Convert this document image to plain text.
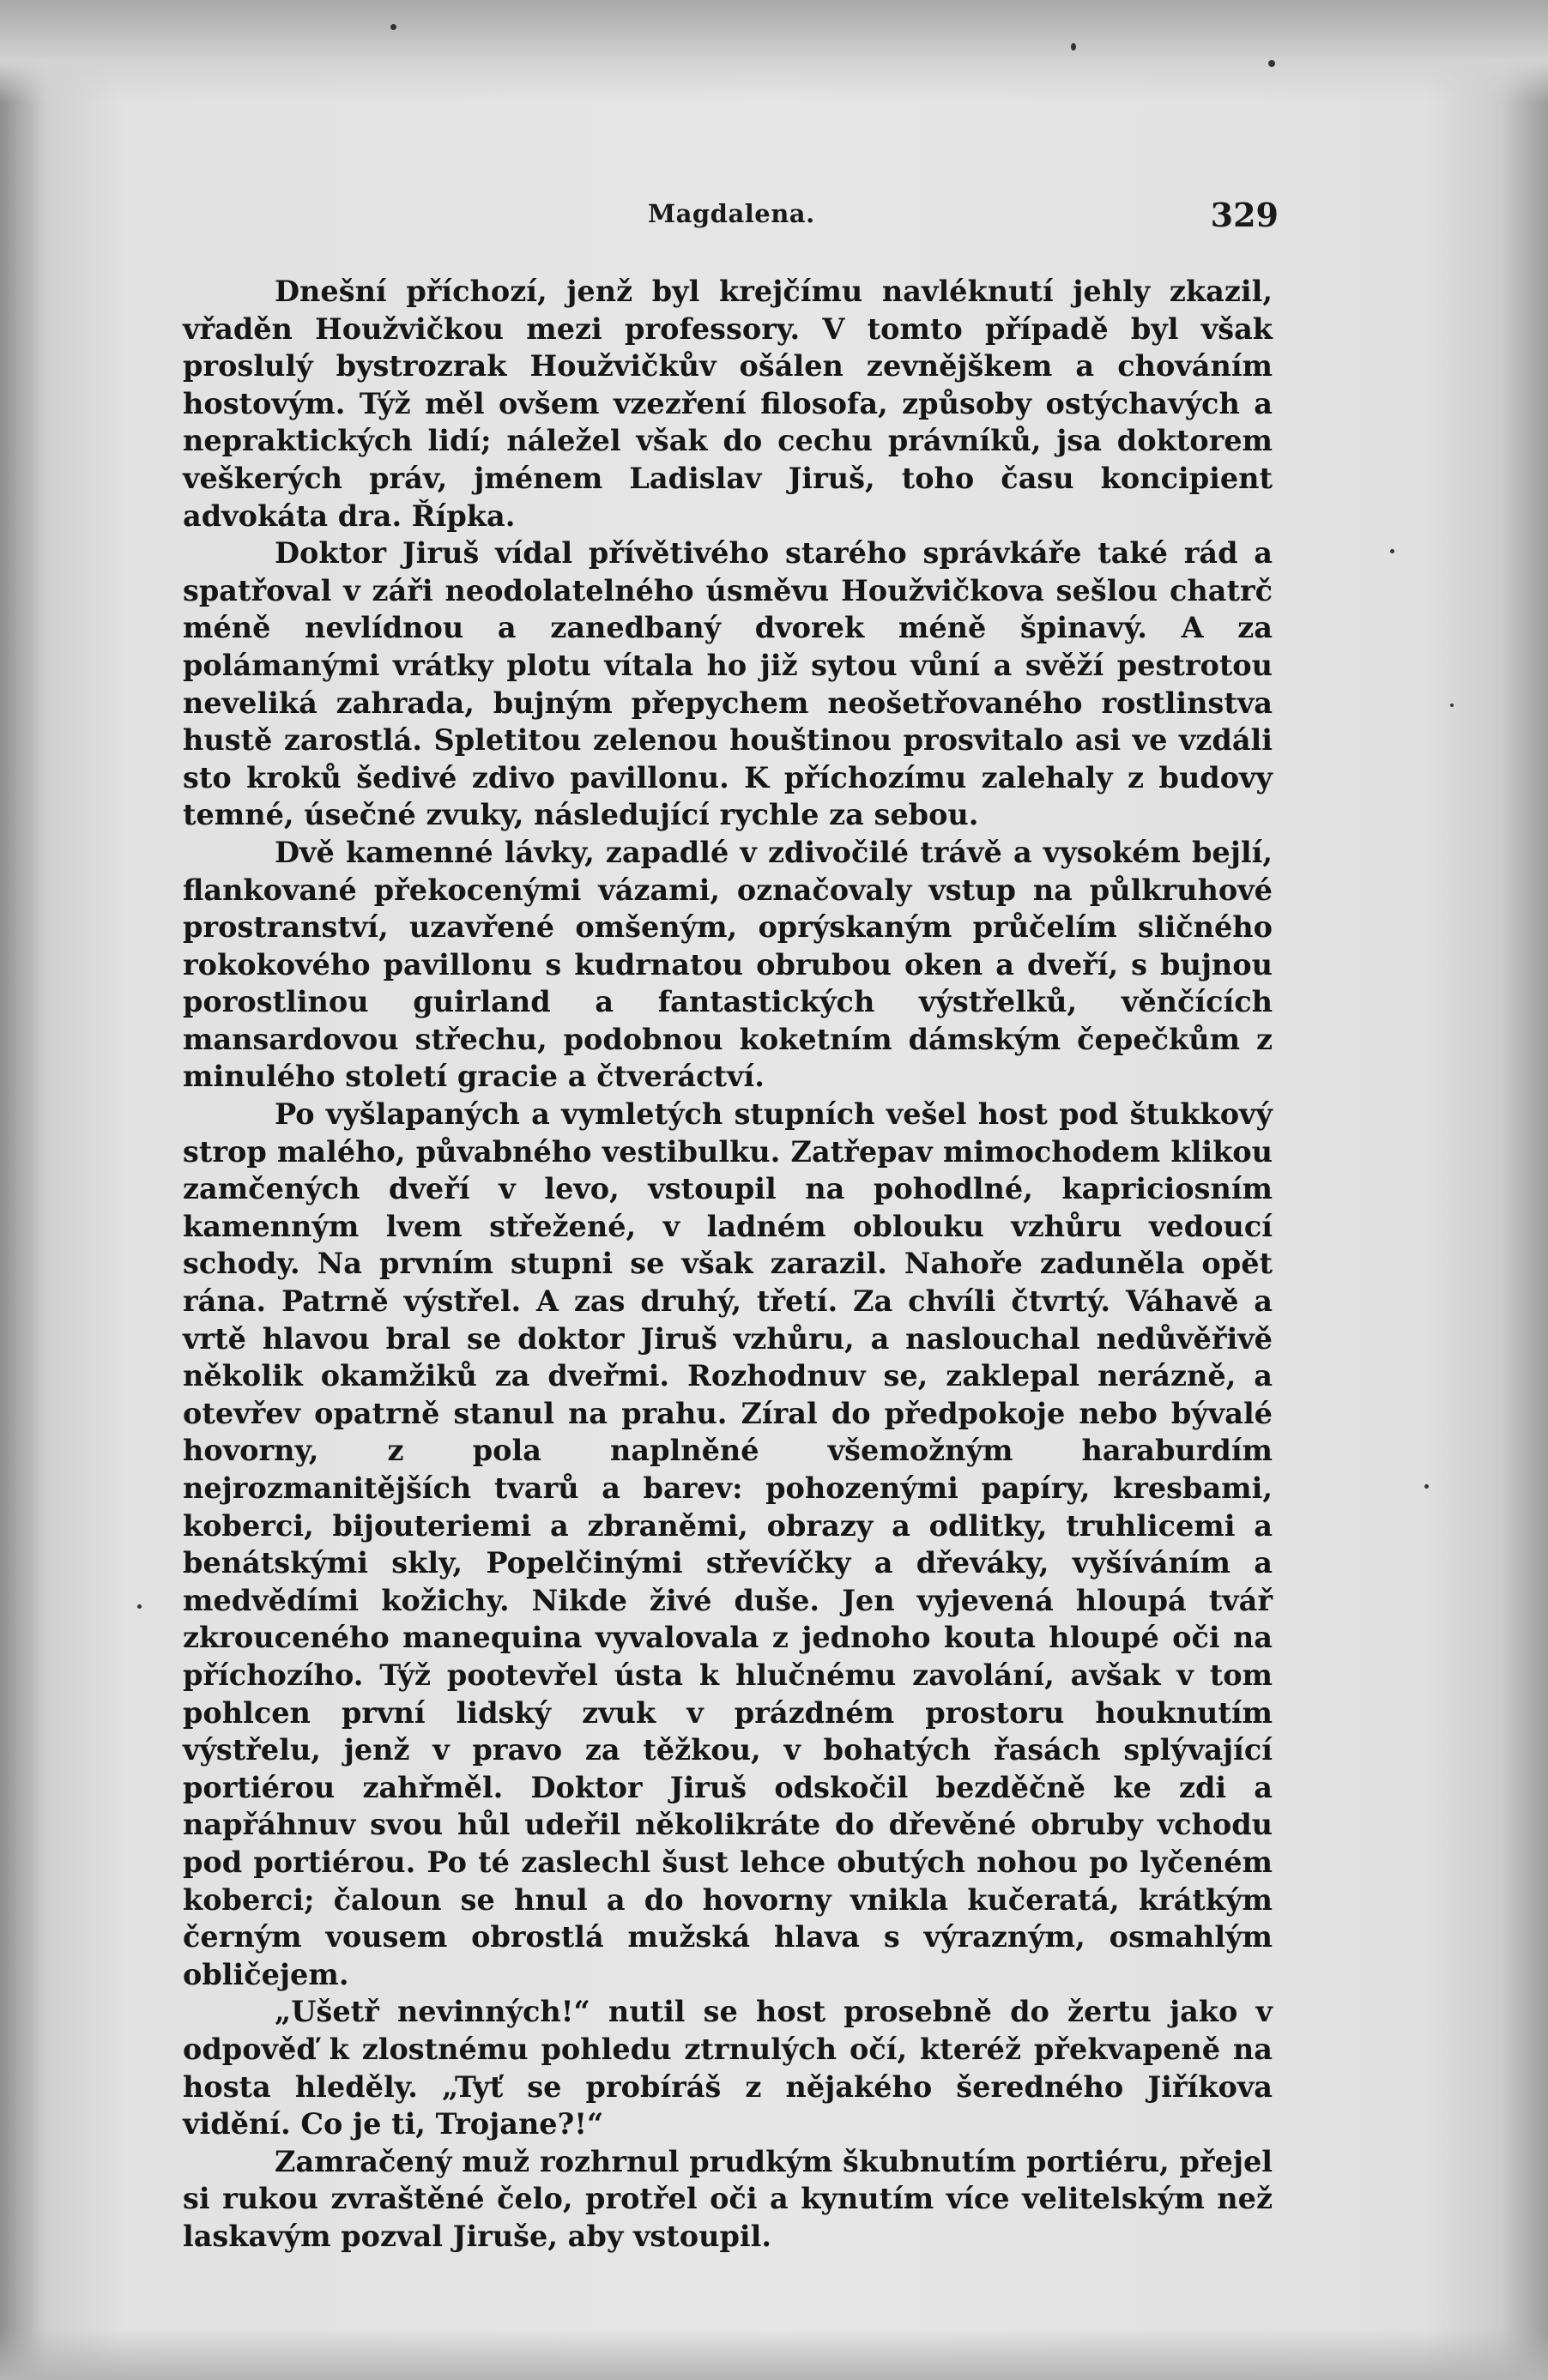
Magdalena.	329

Dnešní příchozí, jenž byl krejčímu navléknutí jehly zkazil, vřaděn Houžvičkou mezi professory. V tomto případě byl však proslulý bystrozrak Houžvičkův ošálen zevnějškem a chováním hostovým. Týž měl ovšem vzezření filosofa, způsoby ostýchavých a nepraktických lidí; náležel však do cechu právníků, jsa doktorem veškerých práv, jménem Ladislav Jiruš, toho času koncipient advokáta dra. Řípka.

Doktor Jiruš vídal přívětivého starého správkáře také rád a spatřoval v záři neodolatelného úsměvu Houžvičkova sešlou chatrč méně nevlídnou a zanedbaný dvorek méně špinavý. A za polámanými vrátky plotu vítala ho již sytou vůní a svěží pestrotou neveliká zahrada, bujným přepychem neošetřovaného rostlinstva hustě zarostlá. Spletitou zelenou houštinou prosvitalo asi ve vzdáli sto kroků šedivé zdivo pavillonu. K příchozímu zalehaly z budovy temné, úsečné zvuky, následující rychle za sebou.

Dvě kamenné lávky, zapadlé v zdivočilé trávě a vysokém bejlí, flankované překocenými vázami, označovaly vstup na půlkruhové prostranství, uzavřené omšeným, oprýskaným průčelím sličného rokokového pavillonu s kudrnatou obrubou oken a dveří, s bujnou porostlinou guirland a fantastických výstřelků, věnčících mansardovou střechu, podobnou koketním dámským čepečkům z minulého století gracie a čtveráctví.

Po vyšlapaných a vymletých stupních vešel host pod štukkový strop malého, půvabného vestibulku. Zatřepav mimochodem klikou zamčených dveří v levo, vstoupil na pohodlné, kapriciosním kamenným lvem střežené, v ladném oblouku vzhůru vedoucí schody. Na prvním stupni se však zarazil. Nahoře zaduněla opět rána. Patrně výstřel. A zas druhý, třetí. Za chvíli čtvrtý. Váhavě a vrtě hlavou bral se doktor Jiruš vzhůru, a naslouchal nedůvěřivě několik okamžiků za dveřmi. Rozhodnuv se, zaklepal nerázně, a otevřev opatrně stanul na prahu. Zíral do předpokoje nebo bývalé hovorny, z pola naplněné všemožným haraburdím nejrozmanitějších tvarů a barev: pohozenými papíry, kresbami, koberci, bijouteriemi a zbraněmi, obrazy a odlitky, truhlicemi a benátskými skly, Popelčinými střevíčky a dřeváky, vyšíváním a medvědími kožichy. Nikde živé duše. Jen vyjevená hloupá tvář zkrouceného manequina vyvalovala z jednoho kouta hloupé oči na příchozího. Týž pootevřel ústa k hlučnému zavolání, avšak v tom pohlcen první lidský zvuk v prázdném prostoru houknutím výstřelu, jenž v pravo za těžkou, v bohatých řasách splývající portiérou zahřměl. Doktor Jiruš odskočil bezděčně ke zdi a napřáhnuv svou hůl udeřil několikráte do dřevěné obruby vchodu pod portiérou. Po té zaslechl šust lehce obutých nohou po lyčeném koberci; čaloun se hnul a do hovorny vnikla kučeratá, krátkým černým vousem obrostlá mužská hlava s výrazným, osmahlým obličejem.

„Ušetř nevinných!“ nutil se host prosebně do žertu jako v odpověď k zlostnému pohledu ztrnulých očí, kteréž překvapeně na hosta hleděly. „Tyť se probíráš z nějakého šeredného Jiříkova vidění. Co je ti, Trojane?!“

Zamračený muž rozhrnul prudkým škubnutím portiéru, přejel si rukou zvraštěné čelo, protřel oči a kynutím více velitelským než laskavým pozval Jiruše, aby vstoupil.
